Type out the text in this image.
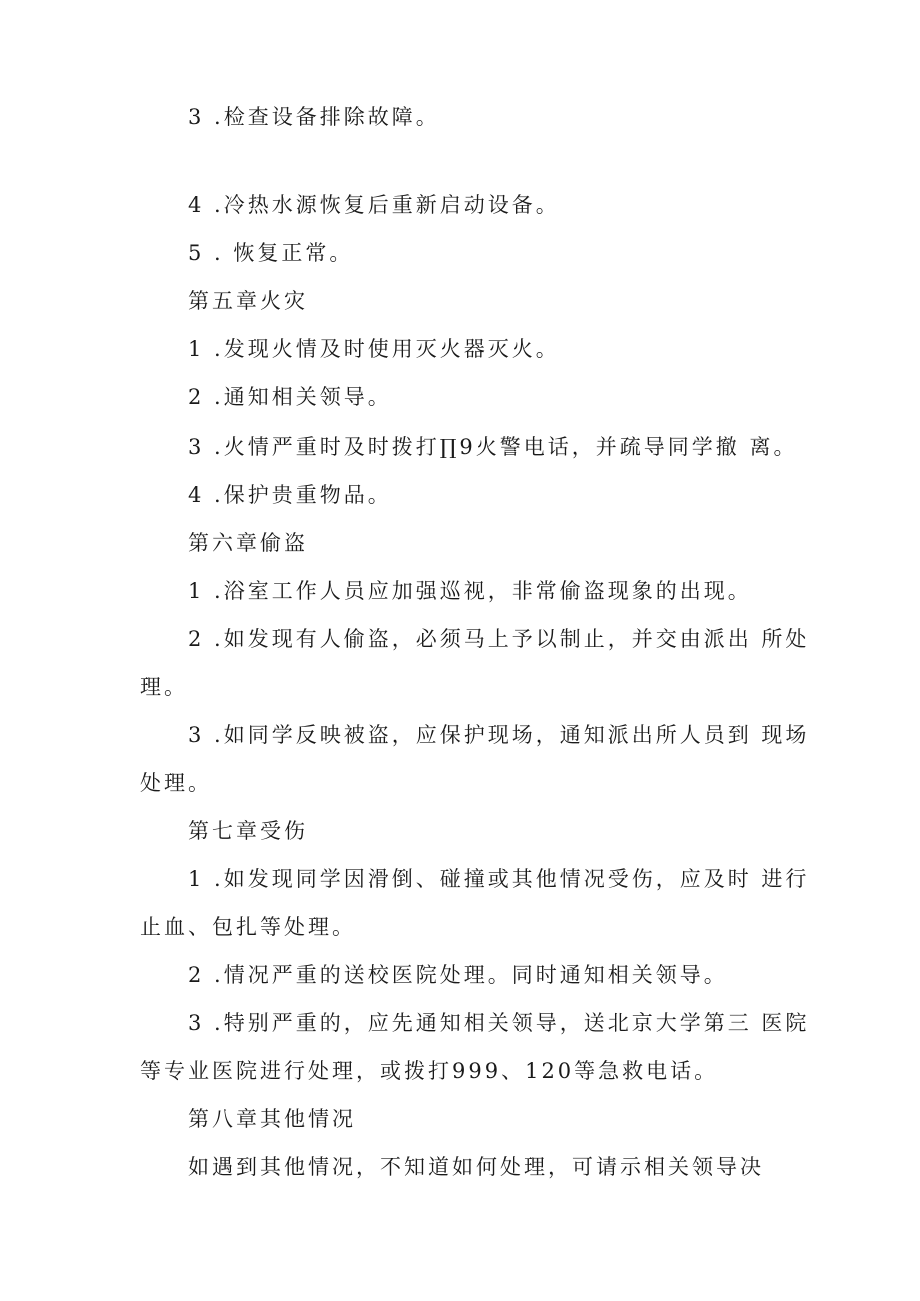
3 .检查设备排除故障。
4 .冷热水源恢复后重新启动设备。
5 . 恢复正常。
第五章火灾
1 .发现火情及时使用灭火器灭火。
2 .通知相关领导。
3 .火情严重时及时拨打∏9火警电话，并疏导同学撤 离。
4 .保护贵重物品。
第六章偷盗
1 .浴室工作人员应加强巡视，非常偷盗现象的出现。
2 .如发现有人偷盗，必须马上予以制止，并交由派出 所处
理。
3 .如同学反映被盗，应保护现场，通知派出所人员到 现场
处理。
第七章受伤
1 .如发现同学因滑倒、碰撞或其他情况受伤，应及时 进行
止血、包扎等处理。
2 .情况严重的送校医院处理。同时通知相关领导。
3 .特别严重的，应先通知相关领导，送北京大学第三 医院
等专业医院进行处理，或拨打999、120等急救电话。
第八章其他情况
如遇到其他情况，不知道如何处理，可请示相关领导决
